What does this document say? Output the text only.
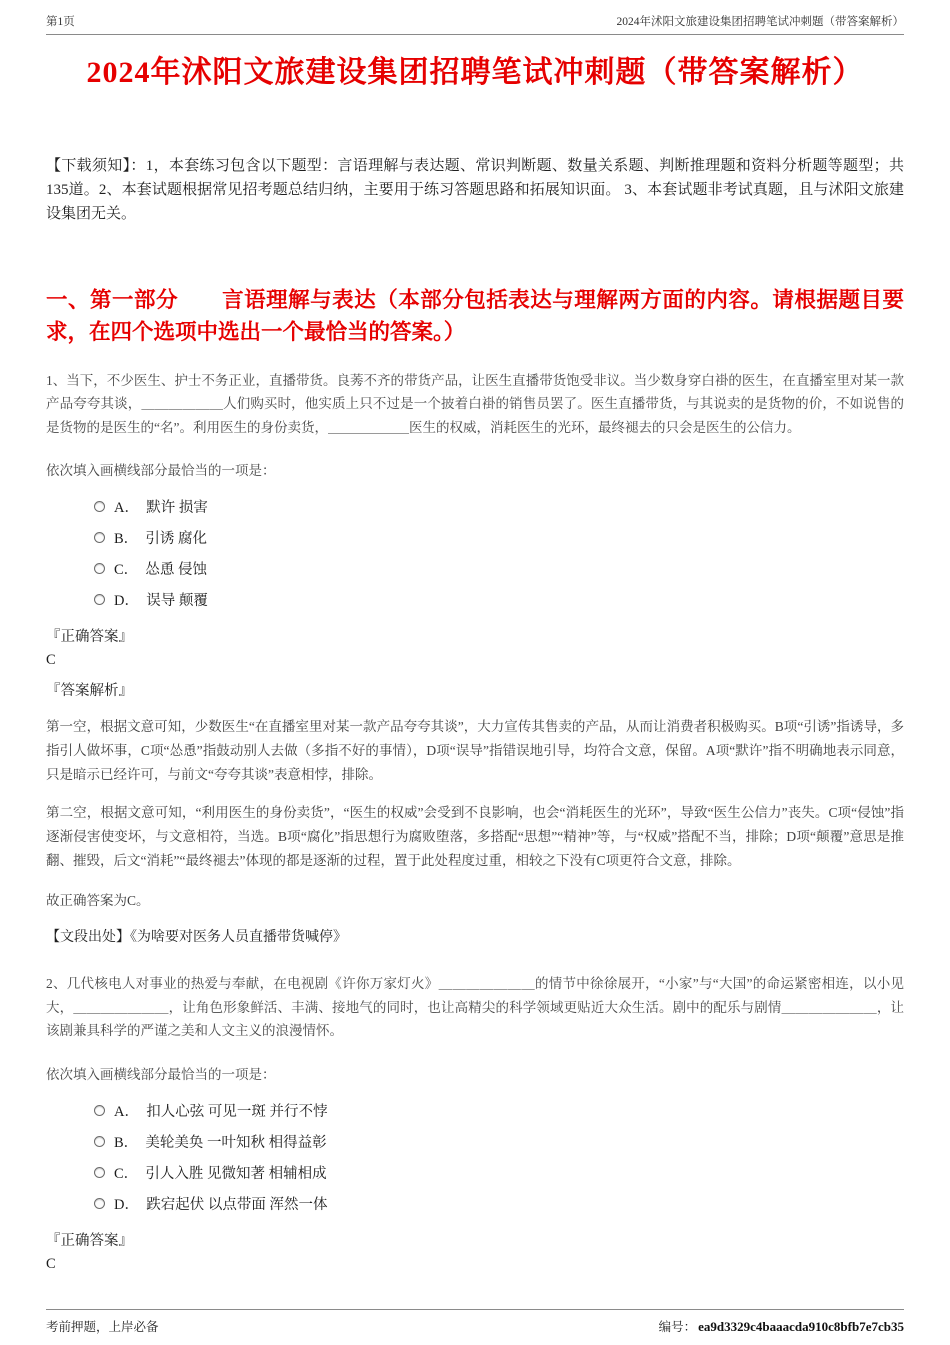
第1页	2024年沭阳文旅建设集团招聘笔试冲刺题（带答案解析）
2024年沭阳文旅建设集团招聘笔试冲刺题（带答案解析）

【下载须知】：1，本套练习包含以下题型：言语理解与表达题、常识判断题、数量关系题、判断推理题和资料分析题等题型；共135道。2、本套试题根据常见招考题总结归纳，主要用于练习答题思路和拓展知识面。 3、本套试题非考试真题，且与沭阳文旅建设集团无关。

一、第一部分　　言语理解与表达（本部分包括表达与理解两方面的内容。请根据题目要求，在四个选项中选出一个最恰当的答案。）

1、当下，不少医生、护士不务正业，直播带货。良莠不齐的带货产品，让医生直播带货饱受非议。当少数身穿白褂的医生，在直播室里对某一款产品夸夸其谈，＿＿＿＿＿＿人们购买时，他实质上只不过是一个披着白褂的销售员罢了。医生直播带货，与其说卖的是货物的价，不如说售的是货物的是医生的“名”。利用医生的身份卖货，＿＿＿＿＿＿医生的权威，消耗医生的光环，最终褪去的只会是医生的公信力。

依次填入画横线部分最恰当的一项是：

A．　默许 损害
B．　引诱 腐化
C．　怂恿 侵蚀
D．　误导 颠覆

『正确答案』

C

『答案解析』

第一空，根据文意可知，少数医生“在直播室里对某一款产品夸夸其谈”，大力宣传其售卖的产品，从而让消费者积极购买。B项“引诱”指诱导，多指引人做坏事，C项“怂恿”指鼓动别人去做（多指不好的事情），D项“误导”指错误地引导，均符合文意，保留。A项“默许”指不明确地表示同意，只是暗示已经许可，与前文“夸夸其谈”表意相悖，排除。

第二空，根据文意可知，“利用医生的身份卖货”，“医生的权威”会受到不良影响，也会“消耗医生的光环”，导致“医生公信力”丧失。C项“侵蚀”指逐渐侵害使变坏，与文意相符，当选。B项“腐化”指思想行为腐败堕落，多搭配“思想”“精神”等，与“权威”搭配不当，排除；D项“颠覆”意思是推翻、摧毁，后文“消耗”“最终褪去”体现的都是逐渐的过程，置于此处程度过重，相较之下没有C项更符合文意，排除。

故正确答案为C。

【文段出处】《为啥要对医务人员直播带货喊停》

2、几代核电人对事业的热爱与奉献，在电视剧《许你万家灯火》＿＿＿＿＿＿＿的情节中徐徐展开，“小家”与“大国”的命运紧密相连，以小见大，＿＿＿＿＿＿＿，让角色形象鲜活、丰满、接地气的同时，也让高精尖的科学领域更贴近大众生活。剧中的配乐与剧情＿＿＿＿＿＿＿，让该剧兼具科学的严谨之美和人文主义的浪漫情怀。

依次填入画横线部分最恰当的一项是：

A．　扣人心弦 可见一斑 并行不悖
B．　美轮美奂 一叶知秋 相得益彰
C．　引人入胜 见微知著 相辅相成
D．　跌宕起伏 以点带面 浑然一体

『正确答案』

C

考前押题，上岸必备	编号： ea9d3329c4baaacda910c8bfb7e7cb35
